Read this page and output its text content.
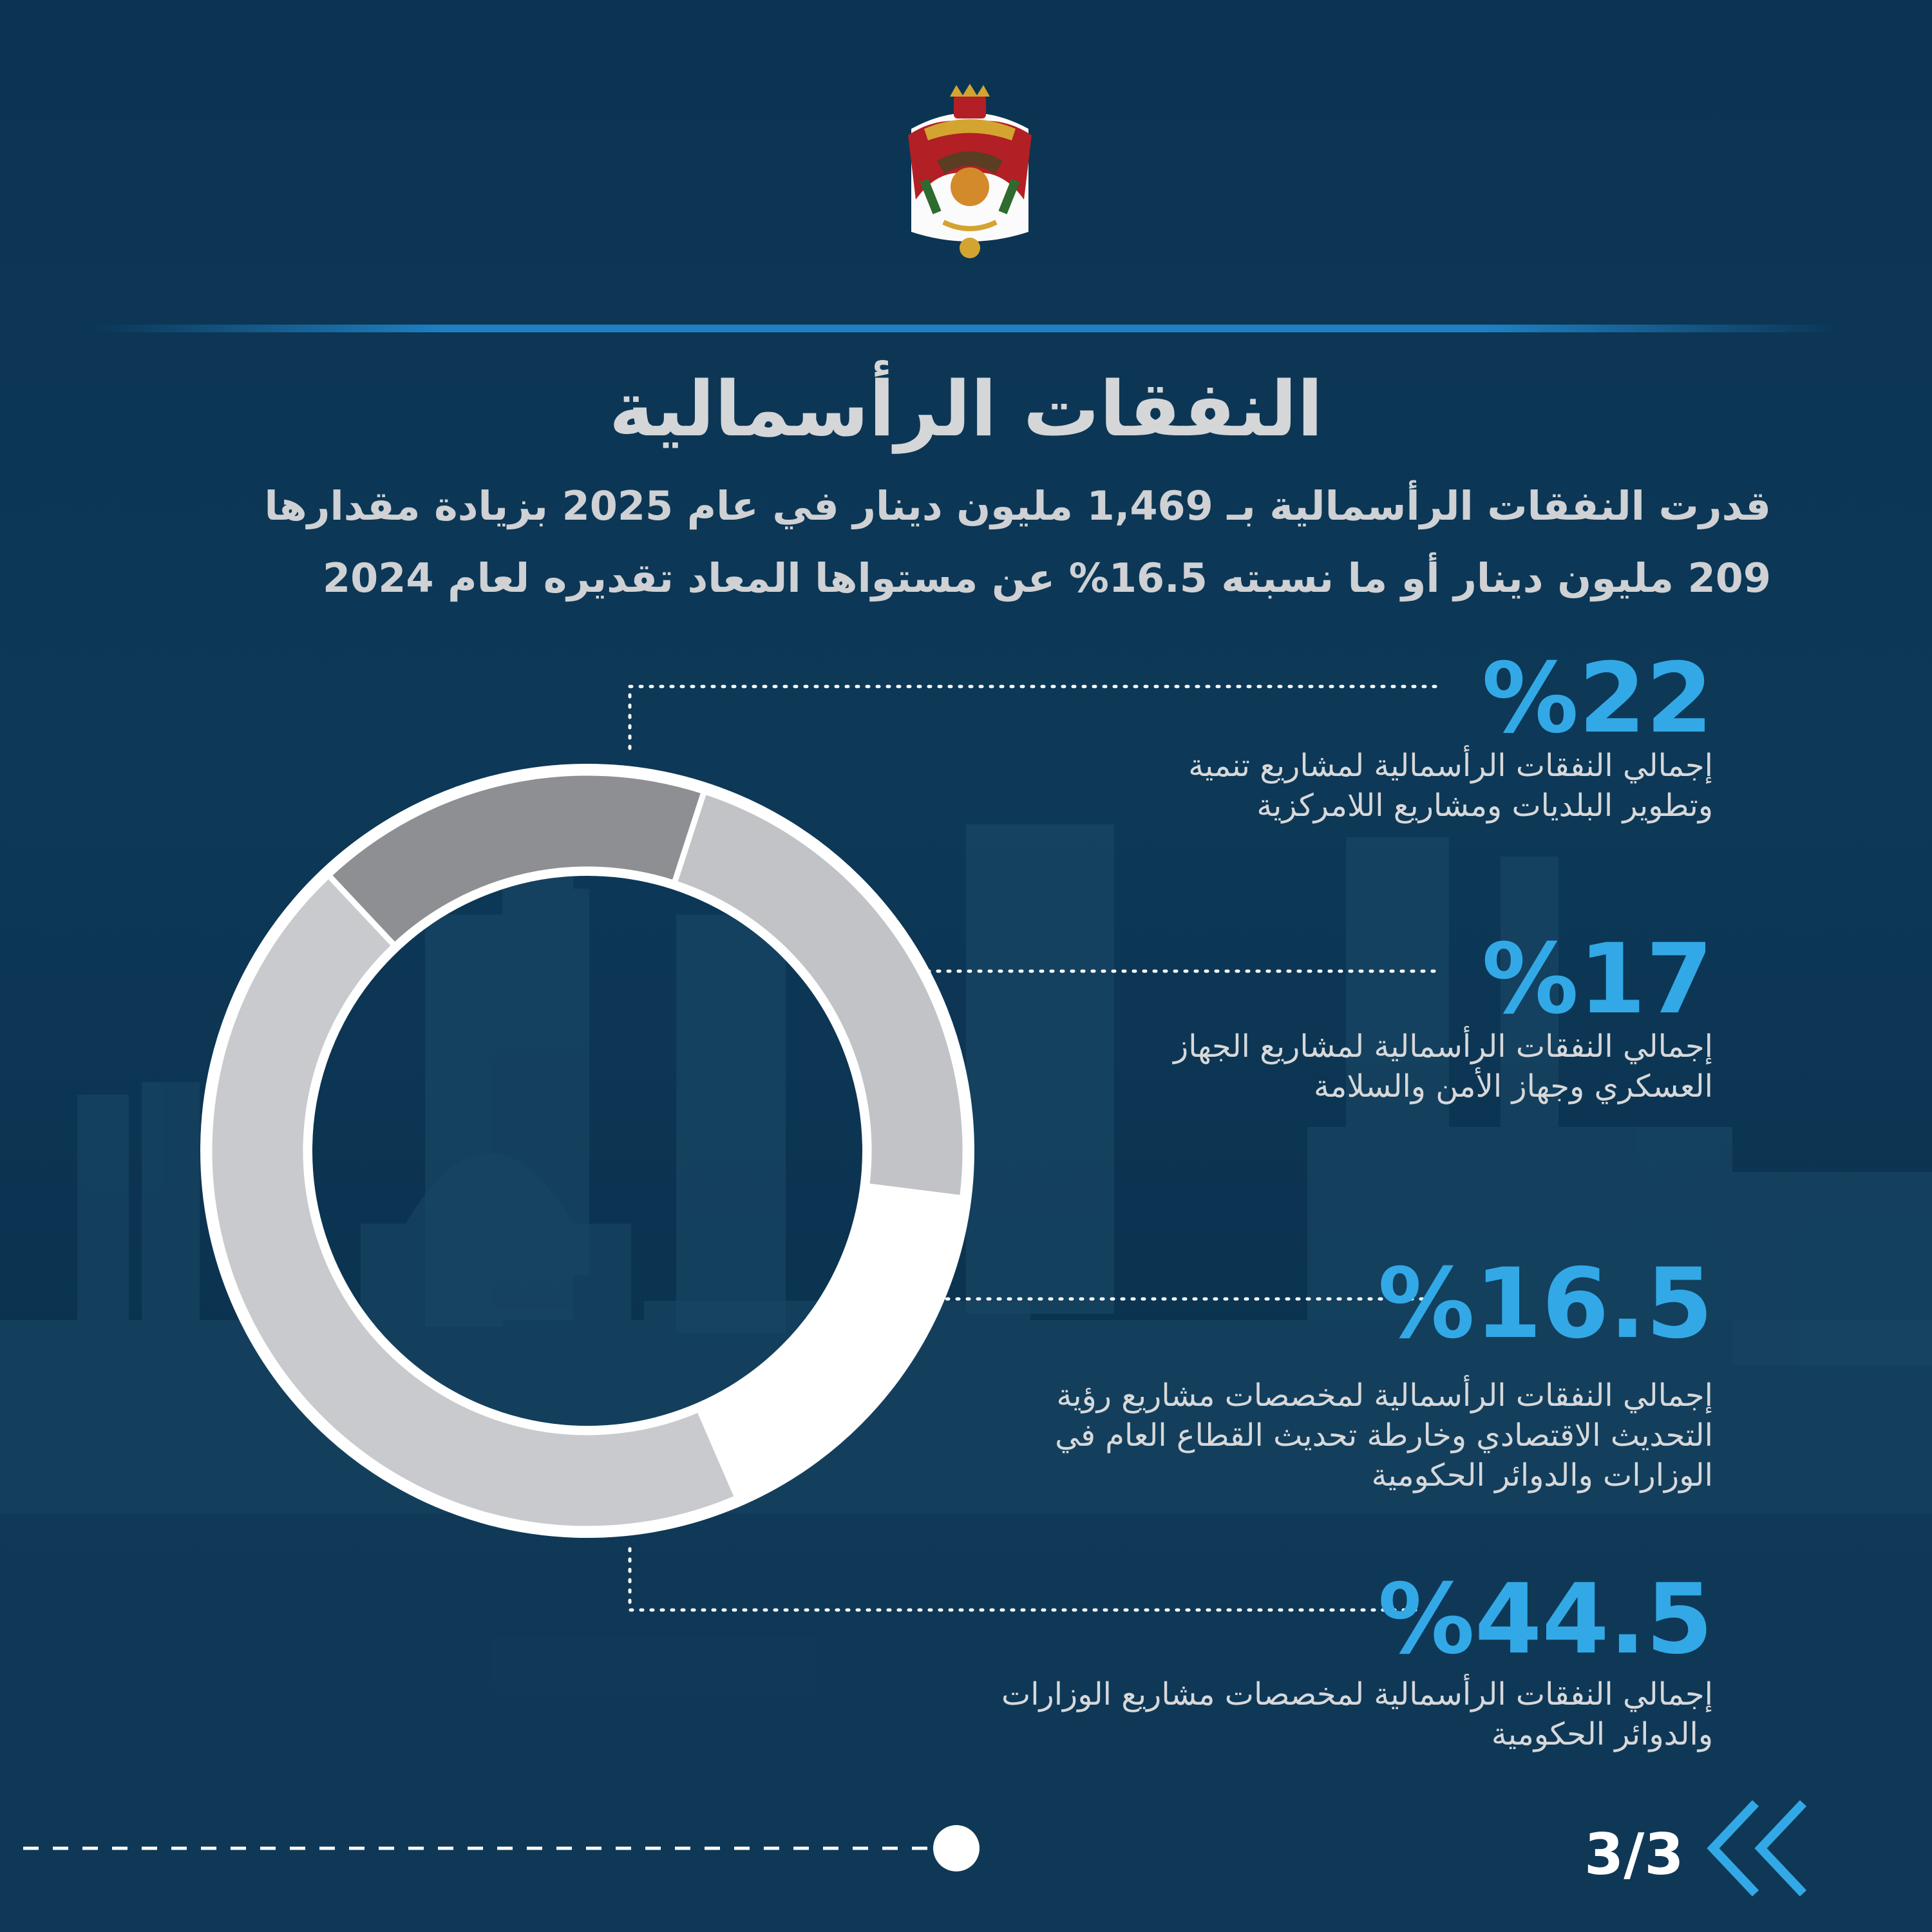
النفقات الرأسمالية
قدرت النفقات الرأسمالية بـ 1,469 مليون دينار في عام 2025 بزيادة مقدارها
209 مليون دينار أو ما نسبته 16.5% عن مستواها المعاد تقديره لعام 2024
%22
إجمالي النفقات الرأسمالية لمشاريع تنمية
وتطوير البلديات ومشاريع اللامركزية
%17
إجمالي النفقات الرأسمالية لمشاريع الجهاز
العسكري وجهاز الأمن والسلامة
%16.5
إجمالي النفقات الرأسمالية لمخصصات مشاريع رؤية
التحديث الاقتصادي وخارطة تحديث القطاع العام في
الوزارات والدوائر الحكومية
%44.5
إجمالي النفقات الرأسمالية لمخصصات مشاريع الوزارات
والدوائر الحكومية
3/3
